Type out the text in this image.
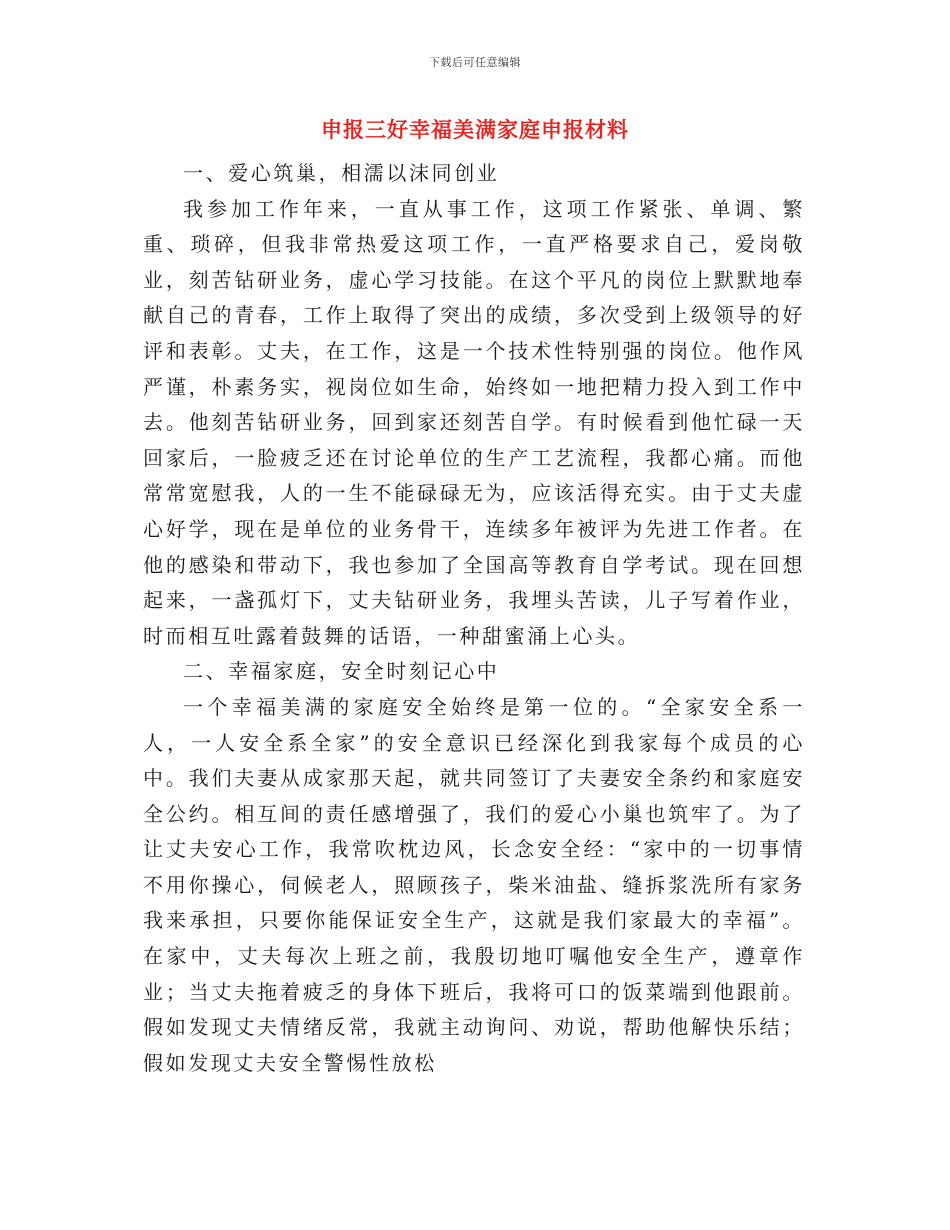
下载后可任意编辑
申报三好幸福美满家庭申报材料

一、爱心筑巢，相濡以沫同创业

我参加工作年来，一直从事工作，这项工作紧张、单调、繁重、琐碎，但我非常热爱这项工作，一直严格要求自己，爱岗敬业，刻苦钻研业务，虚心学习技能。在这个平凡的岗位上默默地奉献自己的青春，工作上取得了突出的成绩，多次受到上级领导的好评和表彰。丈夫，在工作，这是一个技术性特别强的岗位。他作风严谨，朴素务实，视岗位如生命，始终如一地把精力投入到工作中去。他刻苦钻研业务，回到家还刻苦自学。有时候看到他忙碌一天回家后，一脸疲乏还在讨论单位的生产工艺流程，我都心痛。而他常常宽慰我，人的一生不能碌碌无为，应该活得充实。由于丈夫虚心好学，现在是单位的业务骨干，连续多年被评为先进工作者。在他的感染和带动下，我也参加了全国高等教育自学考试。现在回想起来，一盏孤灯下，丈夫钻研业务，我埋头苦读，儿子写着作业，时而相互吐露着鼓舞的话语，一种甜蜜涌上心头。

二、幸福家庭，安全时刻记心中

一个幸福美满的家庭安全始终是第一位的。“全家安全系一人，一人安全系全家”的安全意识已经深化到我家每个成员的心中。我们夫妻从成家那天起，就共同签订了夫妻安全条约和家庭安全公约。相互间的责任感增强了，我们的爱心小巢也筑牢了。为了让丈夫安心工作，我常吹枕边风，长念安全经：“家中的一切事情不用你操心，伺候老人，照顾孩子，柴米油盐、缝拆浆洗所有家务我来承担，只要你能保证安全生产，这就是我们家最大的幸福”。在家中，丈夫每次上班之前，我殷切地叮嘱他安全生产，遵章作业；当丈夫拖着疲乏的身体下班后，我将可口的饭菜端到他跟前。假如发现丈夫情绪反常，我就主动询问、劝说，帮助他解快乐结；假如发现丈夫安全警惕性放松
